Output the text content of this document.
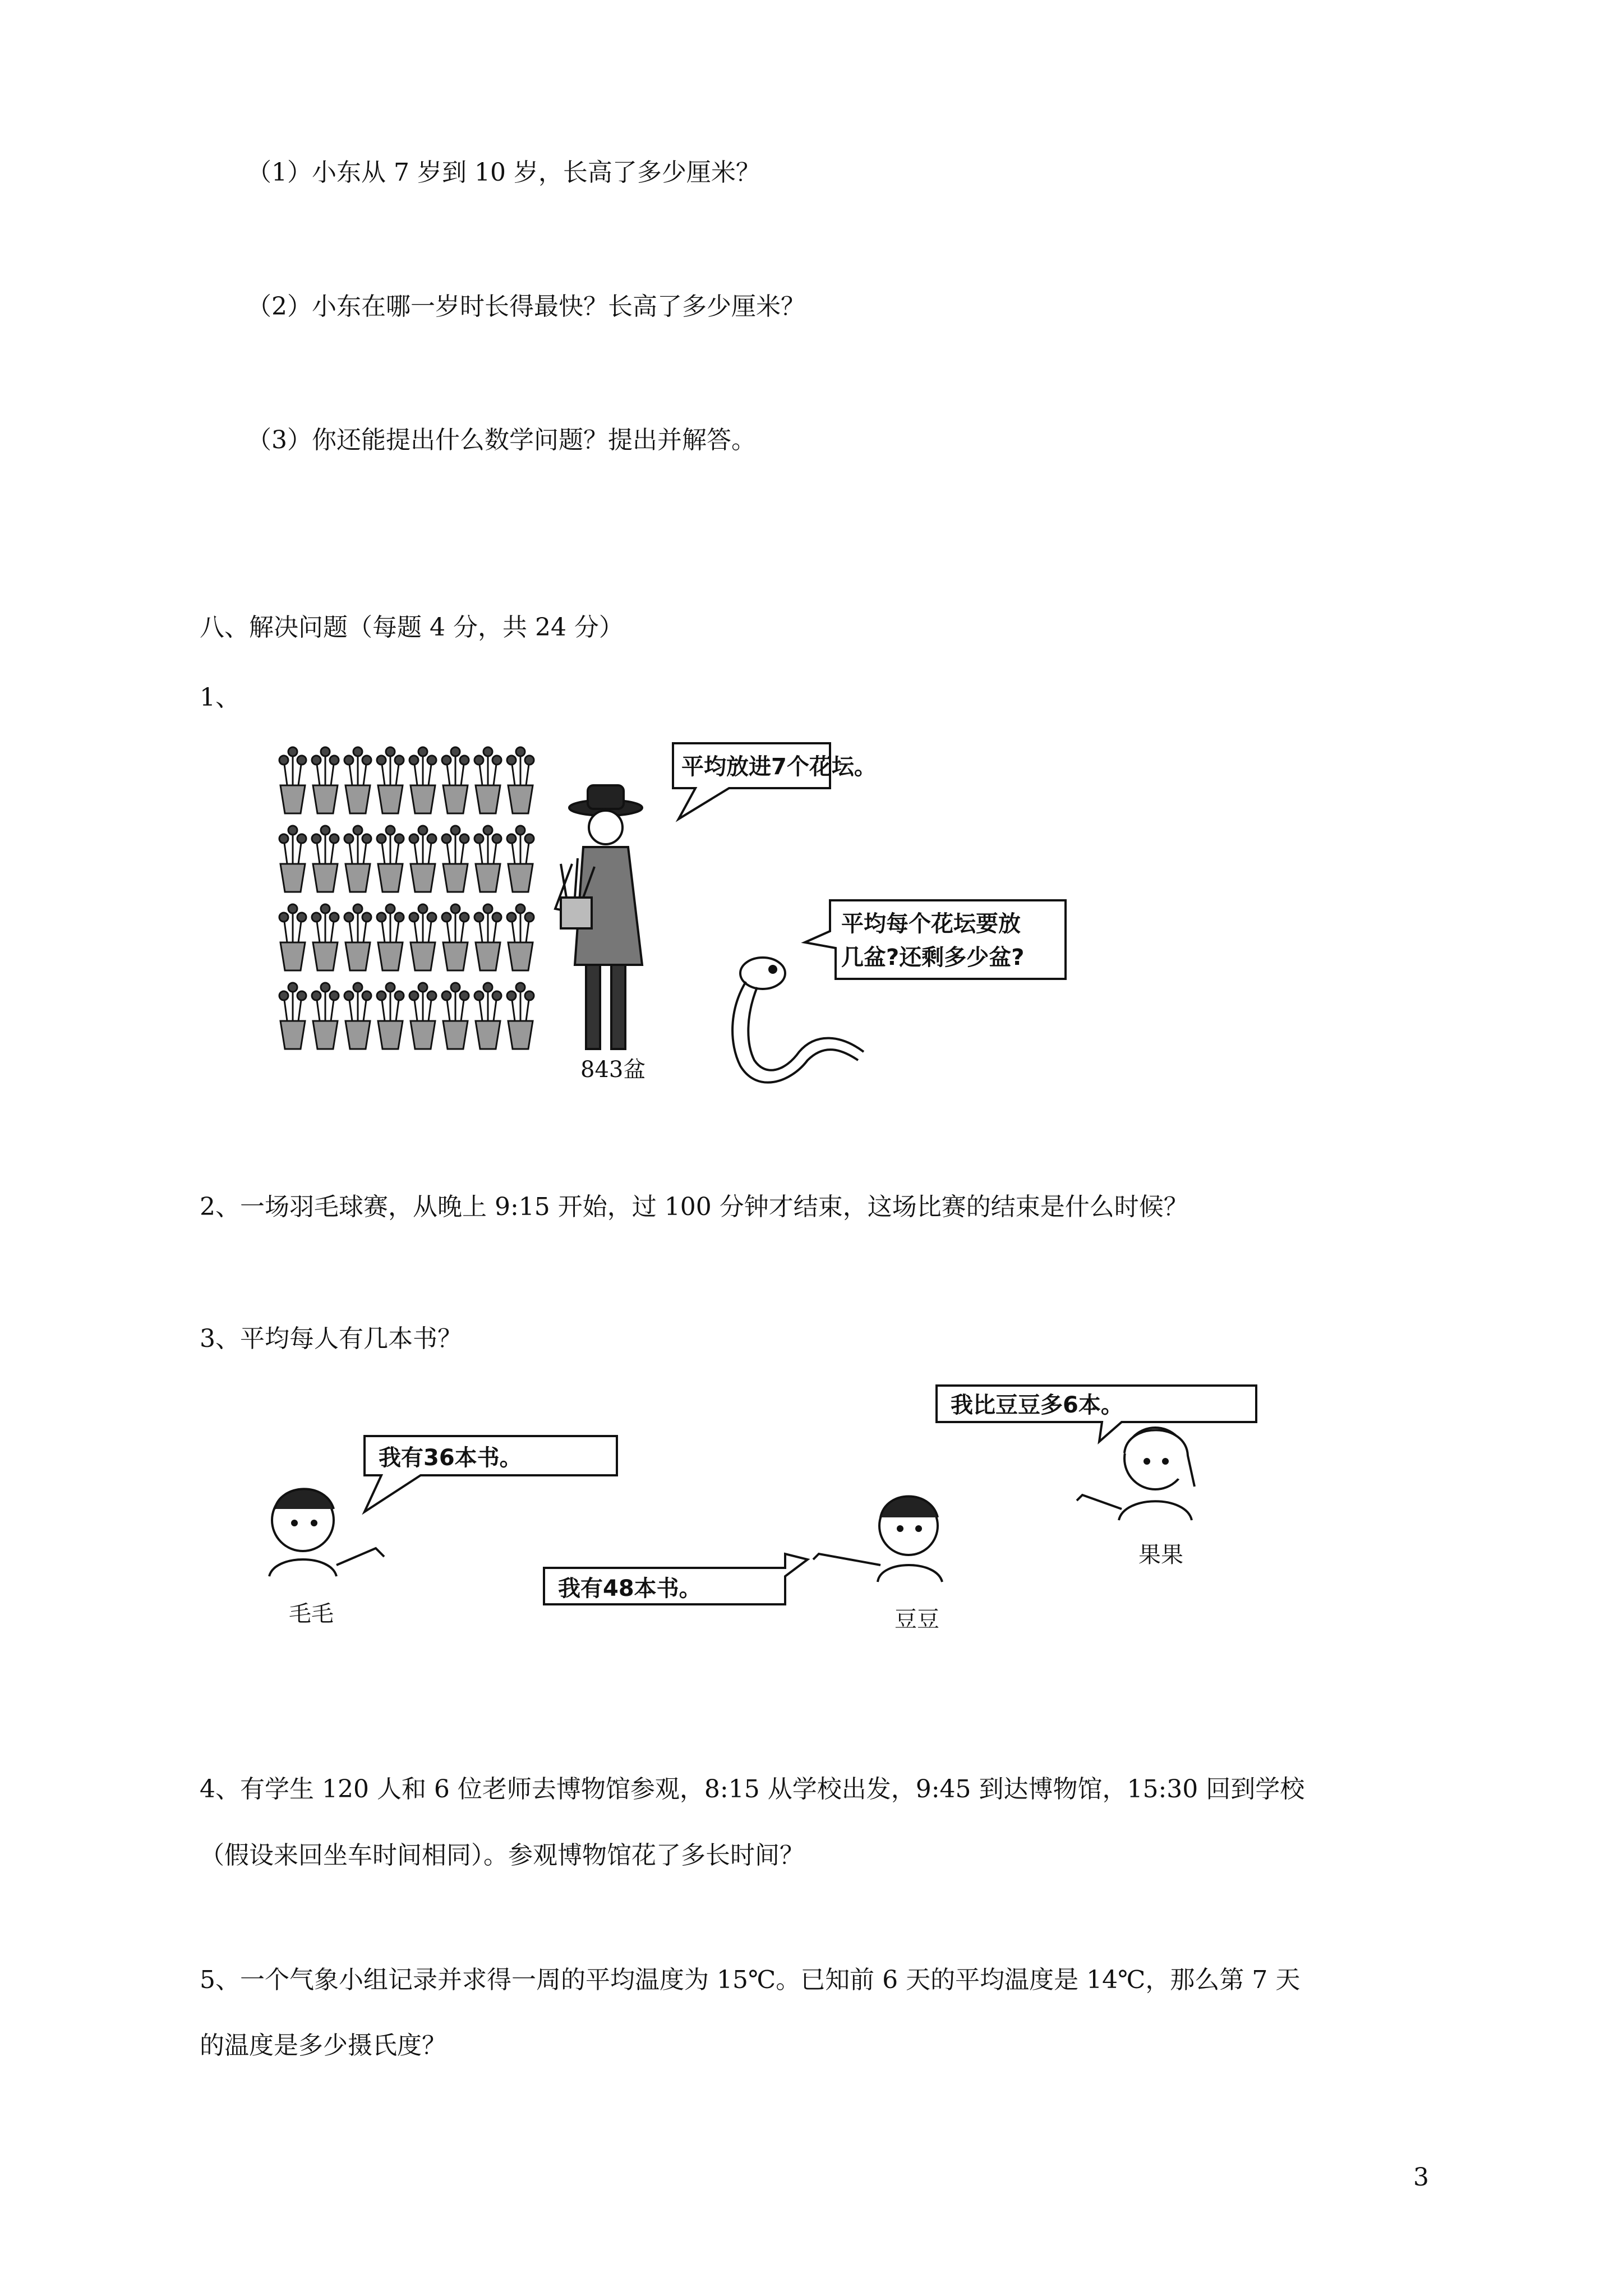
（1）小东从 7 岁到 10 岁，长高了多少厘米？
（2）小东在哪一岁时长得最快？长高了多少厘米？
（3）你还能提出什么数学问题？提出并解答。
八、解决问题（每题 4 分，共 24 分）
1、
843盆
平均放进7个花坛。
平均每个花坛要放
几盆?还剩多少盆?
2、一场羽毛球赛，从晚上 9:15 开始，过 100 分钟才结束，这场比赛的结束是什么时候？
3、平均每人有几本书？
毛毛
我有36本书。
豆豆
我有48本书。
果果
我比豆豆多6本。
4、有学生 120 人和 6 位老师去博物馆参观，8:15 从学校出发，9:45 到达博物馆，15:30 回到学校
（假设来回坐车时间相同）。参观博物馆花了多长时间？
5、一个气象小组记录并求得一周的平均温度为 15℃。已知前 6 天的平均温度是 14℃，那么第 7 天
的温度是多少摄氏度？
3
